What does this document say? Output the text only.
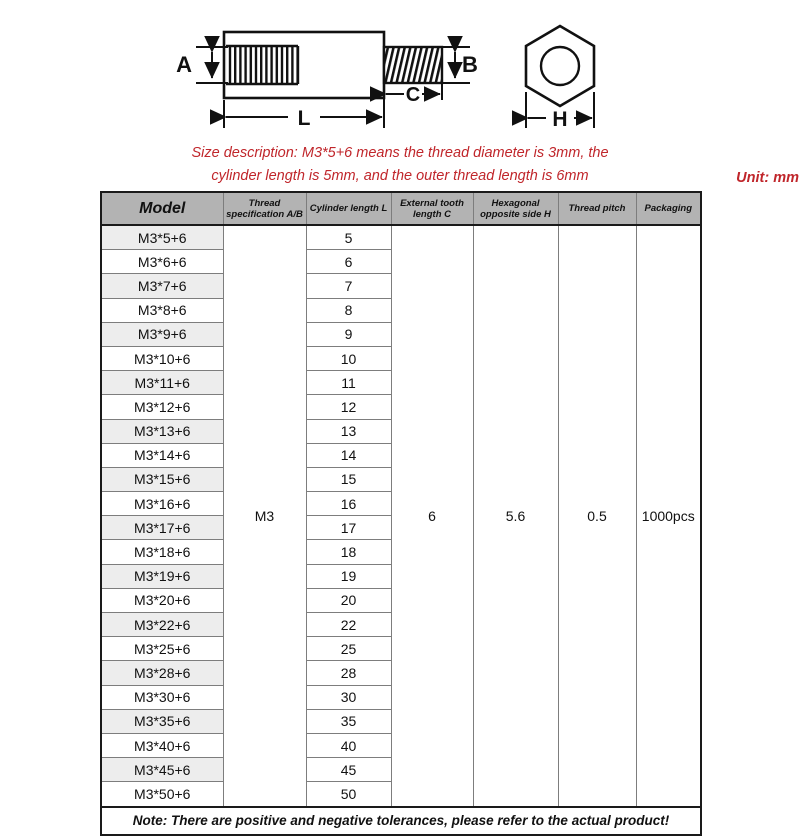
A	B
C
L	H
Size description: M3*5+6 means the thread diameter is 3mm, the
cylinder length is 5mm, and the outer thread length is 6mm	Unit: mm
Model	Thread specification A/B	Cylinder length L	External tooth length C	Hexagonal opposite side H	Thread pitch	Packaging
M3*5+6	M3	5	6	5.6	0.5	1000pcs
M3*6+6		6				
M3*7+6		7				
M3*8+6		8				
M3*9+6		9				
M3*10+6		10				
M3*11+6		11				
M3*12+6		12				
M3*13+6		13				
M3*14+6		14				
M3*15+6		15				
M3*16+6		16				
M3*17+6		17				
M3*18+6		18				
M3*19+6		19				
M3*20+6		20				
M3*22+6		22				
M3*25+6		25				
M3*28+6		28				
M3*30+6		30				
M3*35+6		35				
M3*40+6		40				
M3*45+6		45				
M3*50+6		50				
Note: There are positive and negative tolerances, please refer to the actual product!						
